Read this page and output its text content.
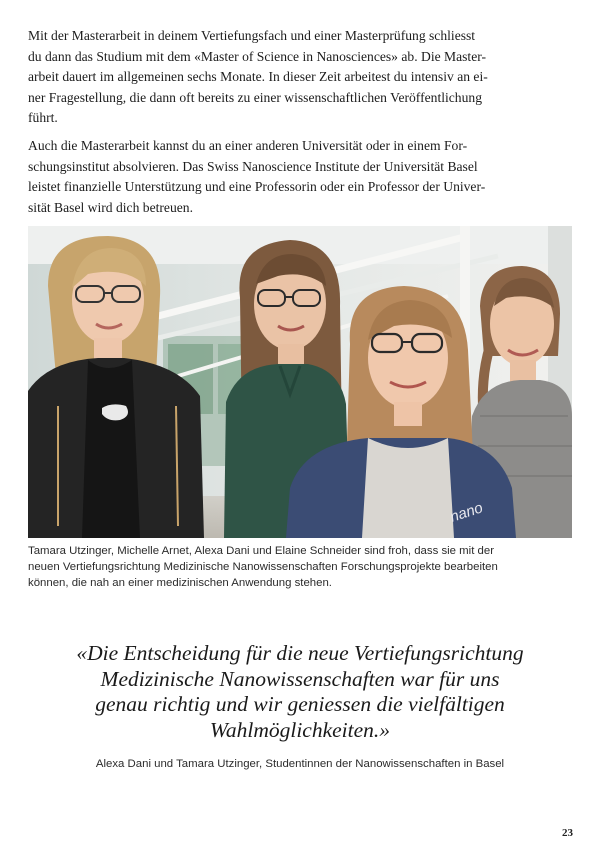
Mit der Masterarbeit in deinem Vertiefungsfach und einer Masterprüfung schliesst
du dann das Studium mit dem «Master of Science in Nanosciences» ab. Die Master-
arbeit dauert im allgemeinen sechs Monate. In dieser Zeit arbeitest du intensiv an ei-
ner Fragestellung, die dann oft bereits zu einer wissenschaftlichen Veröffentlichung
führt.

Auch die Masterarbeit kannst du an einer anderen Universität oder in einem For-
schungsinstitut absolvieren. Das Swiss Nanoscience Institute der Universität Basel
leistet finanzielle Unterstützung und eine Professorin oder ein Professor der Univer-
sität Basel wird dich betreuen.

nano

Tamara Utzinger, Michelle Arnet, Alexa Dani und Elaine Schneider sind froh, dass sie mit der
neuen Vertiefungsrichtung Medizinische Nanowissenschaften Forschungsprojekte bearbeiten
können, die nah an einer medizinischen Anwendung stehen.

«Die Entscheidung für die neue Vertiefungsrichtung
Medizinische Nanowissenschaften war für uns
genau richtig und wir geniessen die vielfältigen
Wahlmöglichkeiten.»

Alexa Dani und Tamara Utzinger, Studentinnen der Nanowissenschaften in Basel

23
